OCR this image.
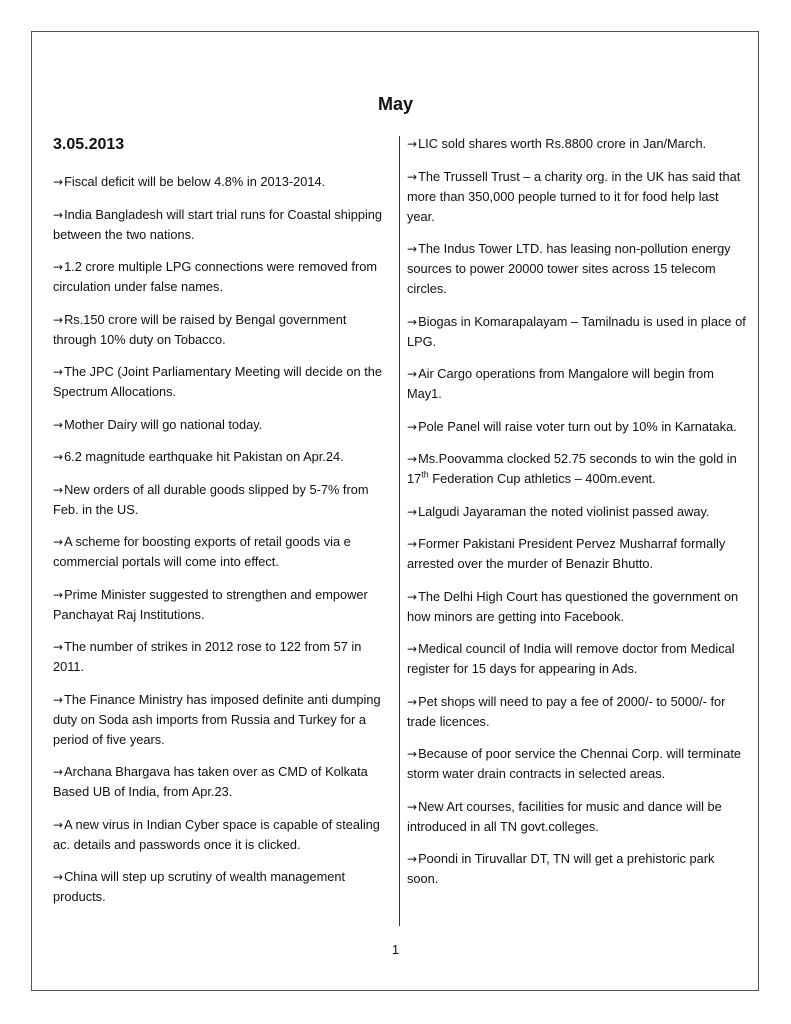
May
3.05.2013
→Fiscal deficit will be below 4.8% in 2013-2014.
→India Bangladesh will start trial runs for Coastal shipping between the two nations.
→1.2 crore multiple LPG connections were removed from circulation under false names.
→Rs.150 crore will be raised by Bengal government through 10% duty on Tobacco.
→The JPC (Joint Parliamentary Meeting will decide on the Spectrum Allocations.
→Mother Dairy will go national today.
→6.2 magnitude earthquake hit Pakistan on Apr.24.
→New orders of all durable goods slipped by 5-7% from Feb. in the US.
→A scheme for boosting exports of retail goods via e commercial portals will come into effect.
→Prime Minister suggested to strengthen and empower Panchayat Raj Institutions.
→The number of strikes in 2012 rose to 122 from 57 in 2011.
→The Finance Ministry has imposed definite anti dumping duty on Soda ash imports from Russia and Turkey for a period of five years.
→Archana Bhargava has taken over as CMD of Kolkata Based UB of India, from Apr.23.
→A new virus in Indian Cyber space is capable of stealing ac. details and passwords once it is clicked.
→China will step up scrutiny of wealth management products.
→LIC sold shares worth Rs.8800 crore in Jan/March.
→The Trussell Trust – a charity org. in the UK has said that more than 350,000 people turned to it for food help last year.
→The Indus Tower LTD. has leasing non-pollution energy sources to power 20000 tower sites across 15 telecom circles.
→Biogas in Komarapalayam – Tamilnadu is used in place of LPG.
→Air Cargo operations from Mangalore will begin from May1.
→Pole Panel will raise voter turn out by 10% in Karnataka.
→Ms.Poovamma clocked 52.75 seconds to win the gold in 17th Federation Cup athletics – 400m.event.
→Lalgudi Jayaraman the noted violinist passed away.
→Former Pakistani President Pervez Musharraf formally arrested over the murder of Benazir Bhutto.
→The Delhi High Court has questioned the government on how minors are getting into Facebook.
→Medical council of India will remove doctor from Medical register for 15 days for appearing in Ads.
→Pet shops will need to pay a fee of 2000/- to 5000/- for trade licences.
→Because of poor service the Chennai Corp. will terminate storm water drain contracts in selected areas.
→New Art courses, facilities for music and dance will be introduced in all TN govt.colleges.
→Poondi in Tiruvallar DT, TN will get a prehistoric park soon.
1
